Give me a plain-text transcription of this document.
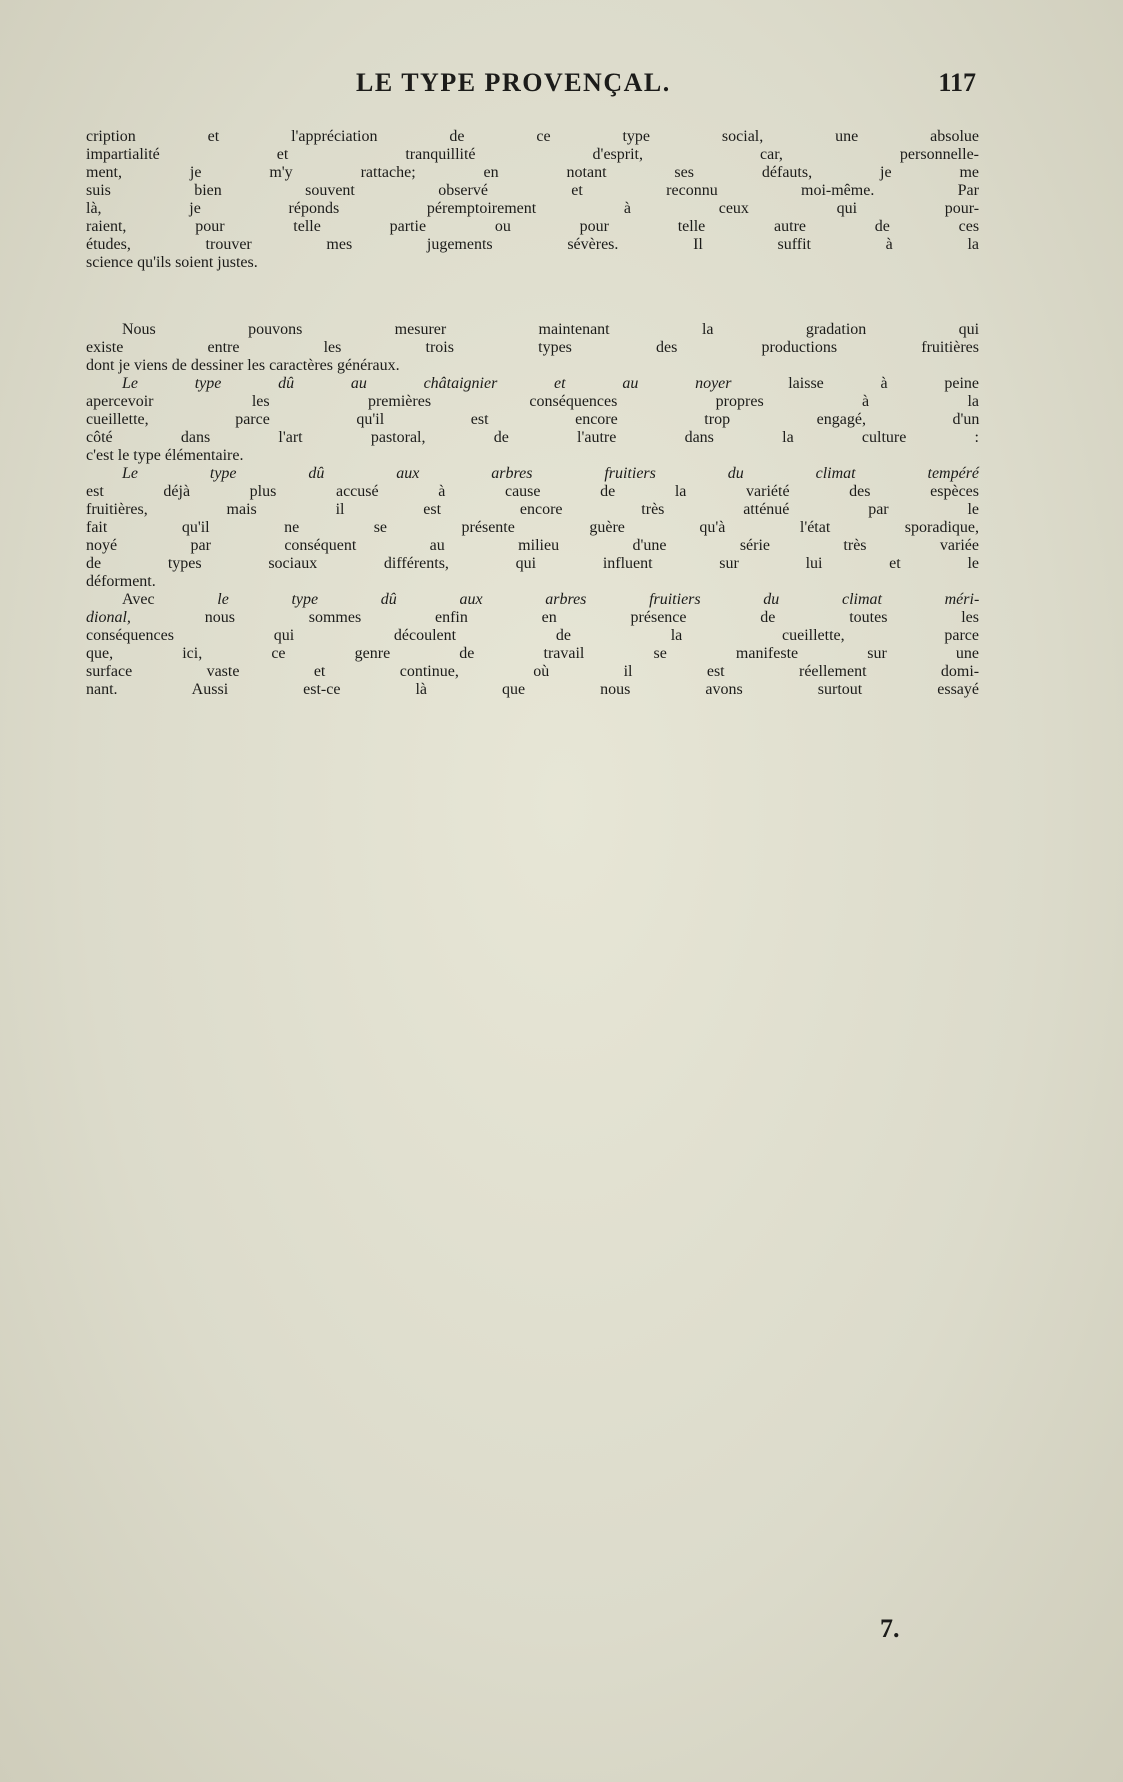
LE TYPE PROVENÇAL.	117
cription et l'appréciation de ce type social, une absolue
impartialité et tranquillité d'esprit, car, personnelle-
ment, je m'y rattache; en notant ses défauts, je me
suis bien souvent observé et reconnu moi-même. Par
là, je réponds péremptoirement à ceux qui pour-
raient, pour telle partie ou pour telle autre de ces
études, trouver mes jugements sévères. Il suffit à la
science qu'ils soient justes.
Nous pouvons mesurer maintenant la gradation qui
existe entre les trois types des productions fruitières
dont je viens de dessiner les caractères généraux.
Le type dû au châtaignier et au noyer laisse à peine
apercevoir les premières conséquences propres à la
cueillette, parce qu'il est encore trop engagé, d'un
côté dans l'art pastoral, de l'autre dans la culture :
c'est le type élémentaire.
Le type dû aux arbres fruitiers du climat tempéré
est déjà plus accusé à cause de la variété des espèces
fruitières, mais il est encore très atténué par le
fait qu'il ne se présente guère qu'à l'état sporadique,
noyé par conséquent au milieu d'une série très variée
de types sociaux différents, qui influent sur lui et le
déforment.
Avec le type dû aux arbres fruitiers du climat méri-
dional, nous sommes enfin en présence de toutes les
conséquences qui découlent de la cueillette, parce
que, ici, ce genre de travail se manifeste sur une
surface vaste et continue, où il est réellement domi-
nant. Aussi est-ce là que nous avons surtout essayé
7.
